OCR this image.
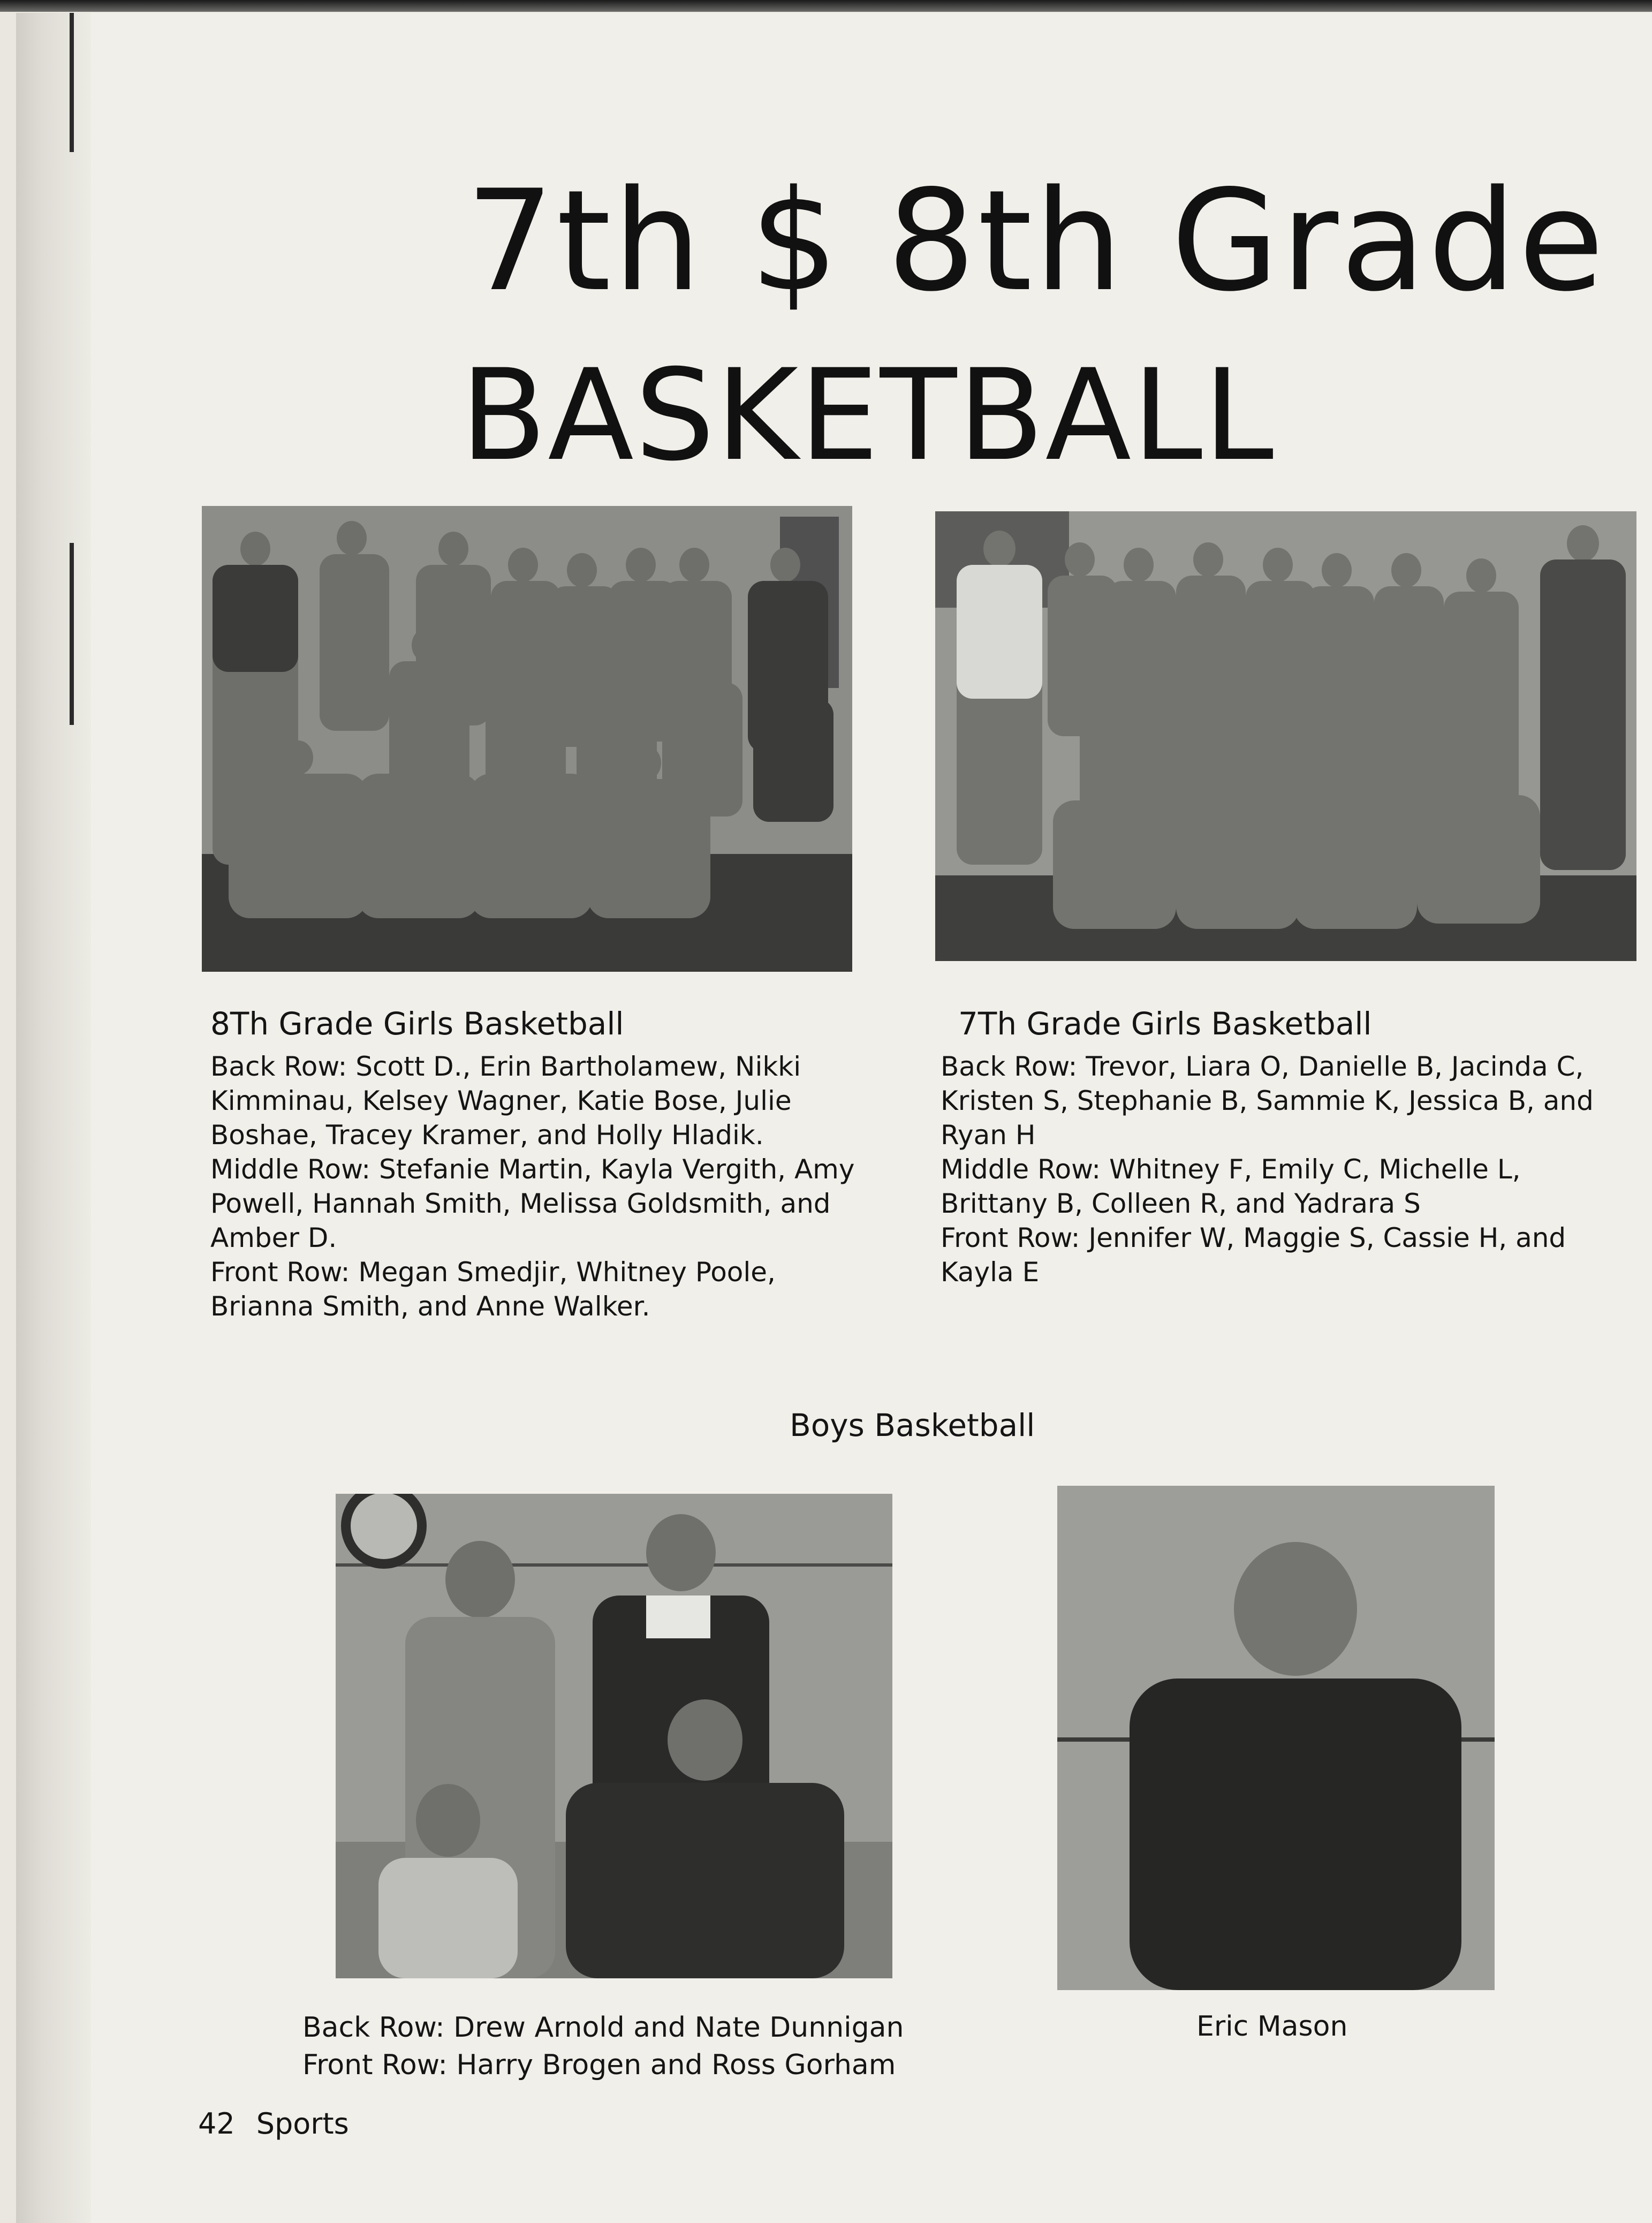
7th $ 8th Grade
BASKETBALL
8Th Grade Girls Basketball

Back Row: Scott D., Erin Bartholamew, Nikki Kimminau, Kelsey Wagner, Katie Bose, Julie Boshae, Tracey Kramer, and Holly Hladik.

Middle Row: Stefanie Martin, Kayla Vergith, Amy Powell, Hannah Smith, Melissa Goldsmith, and Amber D.

Front Row: Megan Smedjir, Whitney Poole, Brianna Smith, and Anne Walker.

7Th Grade Girls Basketball

Back Row: Trevor, Liara O, Danielle B, Jacinda C, Kristen S, Stephanie B, Sammie K, Jessica B, and Ryan H

Middle Row: Whitney F, Emily C, Michelle L, Brittany B, Colleen R, and Yadrara S

Front Row: Jennifer W, Maggie S, Cassie H, and Kayla E

Boys Basketball

Back Row: Drew Arnold and Nate Dunnigan

Front Row: Harry Brogen and Ross Gorham

Eric Mason
42 Sports
